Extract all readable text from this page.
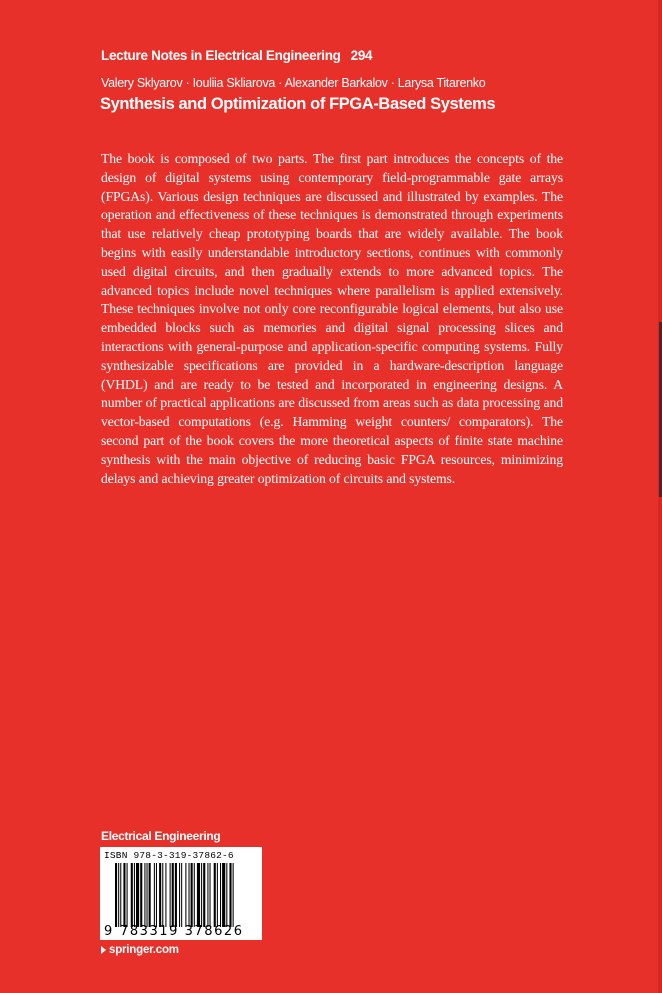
Lecture Notes in Electrical Engineering 294
Valery Sklyarov · Iouliia Skliarova · Alexander Barkalov · Larysa Titarenko
Synthesis and Optimization of FPGA-Based Systems
The book is composed of two parts. The first part introduces the concepts of the design of digital systems using contemporary field-programmable gate arrays (FPGAs). Various design techniques are discussed and illustrated by examples. The operation and effectiveness of these techniques is demonstrated through experiments that use relatively cheap prototyping boards that are widely available. The book begins with easily understandable introductory sections, continues with commonly used digital circuits, and then gradually extends to more advanced topics. The advanced topics include novel techniques where parallelism is applied extensively. These techniques involve not only core reconfigurable logical elements, but also use embedded blocks such as memories and digital signal processing slices and interactions with general-purpose and application-specific computing systems. Fully synthesizable specifications are provided in a hardware-description language (VHDL) and are ready to be tested and incorporated in engineering designs. A number of practical applications are discussed from areas such as data processing and vector-based computations (e.g. Hamming weight counters/ comparators). The second part of the book covers the more theoretical aspects of finite state machine synthesis with the main objective of reducing basic FPGA resources, minimizing delays and achieving greater optimization of circuits and systems.
Electrical Engineering
ISBN 978-3-319-37862-6
9 783319 378626
springer.com
